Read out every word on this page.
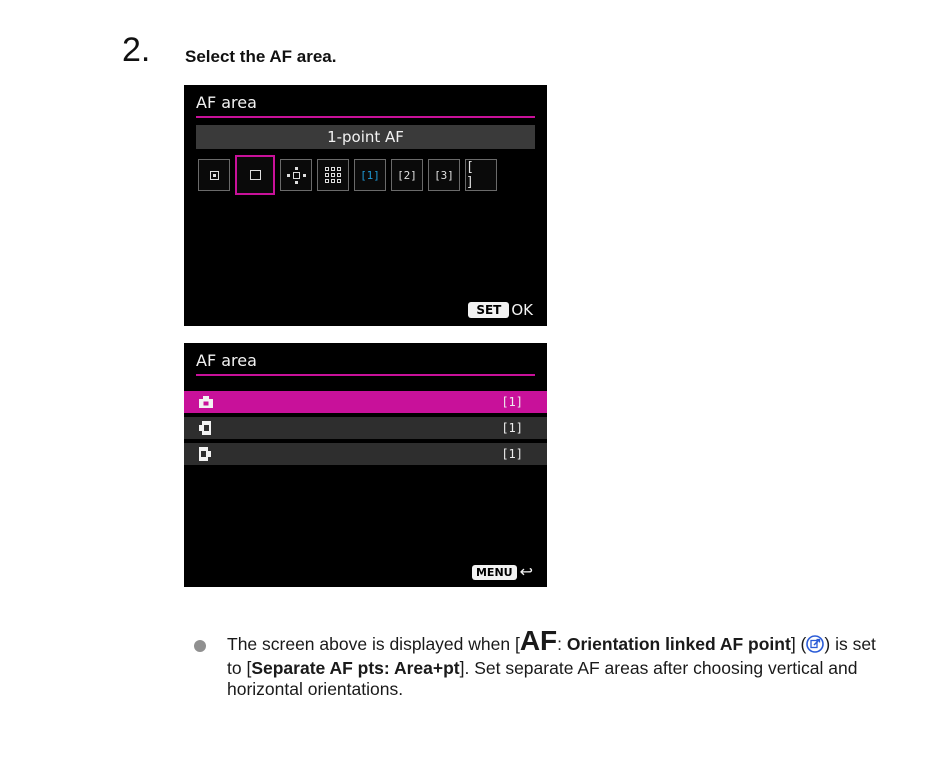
2. Select the AF area.
AF area
1-point AF
[1]	[2]	[3] [ ]
SET OK
AF area
[1]
[1]
[1]
MENU ↩
The screen above is displayed when [AF: Orientation linked AF point] ( ) is set to [Separate AF pts: Area+pt]. Set separate AF areas after choosing vertical and horizontal orientations.
